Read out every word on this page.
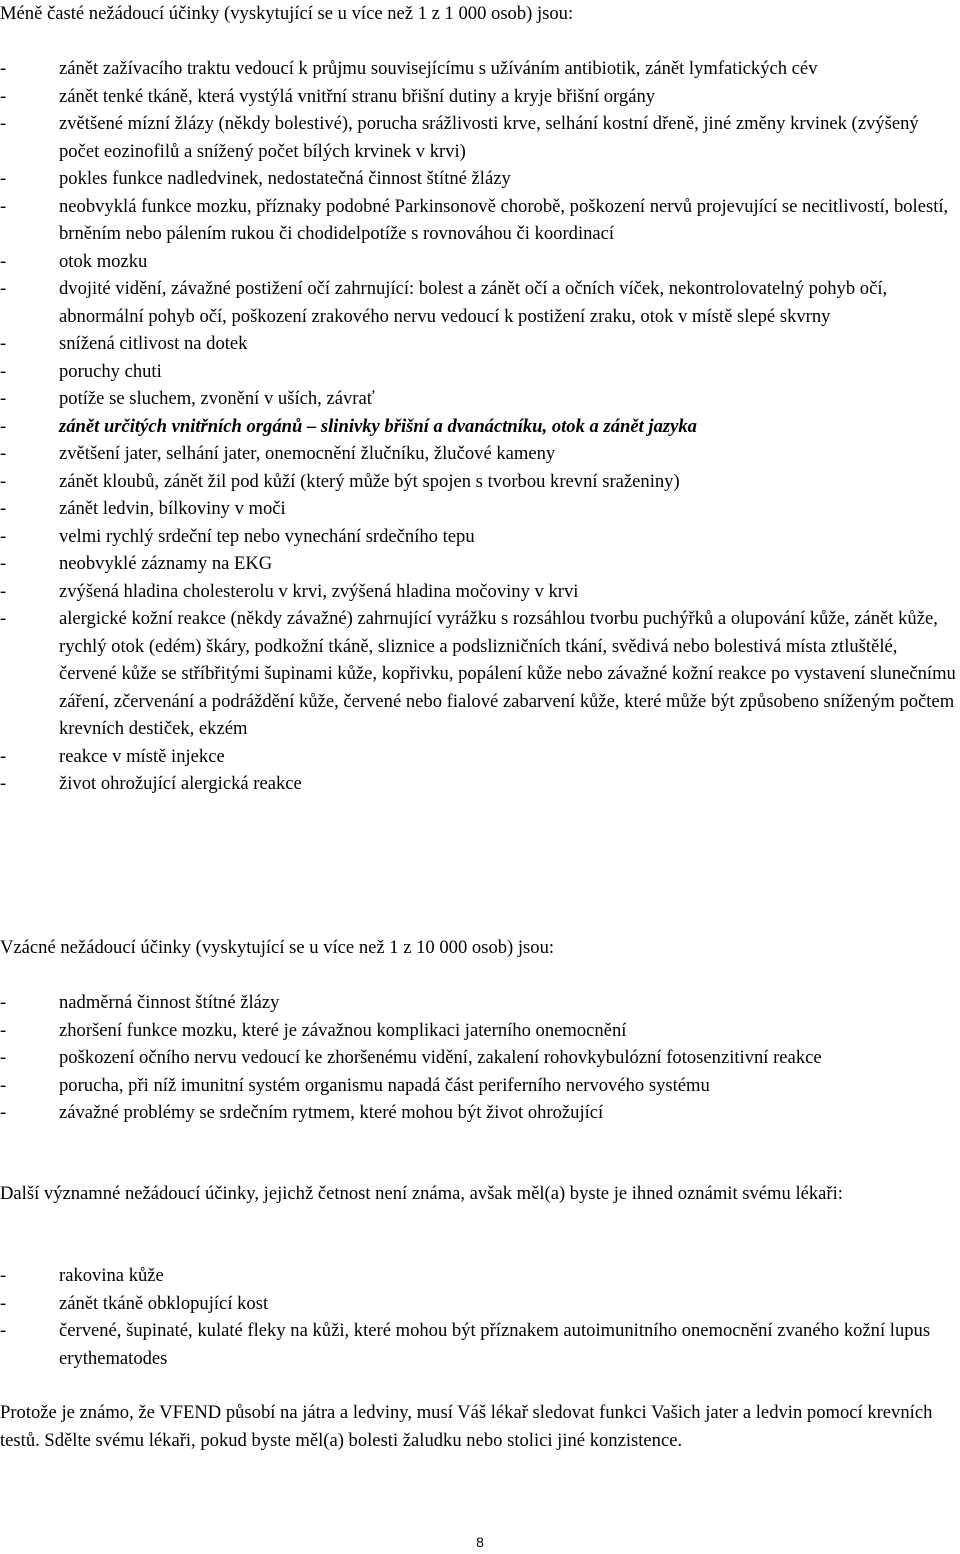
Méně časté nežádoucí účinky (vyskytující se u více než 1 z 1 000 osob) jsou:

-	zánět zažívacího traktu vedoucí k průjmu souvisejícímu s užíváním antibiotik, zánět lymfatických cév
-	zánět tenké tkáně, která vystýlá vnitřní stranu břišní dutiny a kryje břišní orgány
-	zvětšené mízní žlázy (někdy bolestivé), porucha srážlivosti krve, selhání kostní dřeně, jiné změny krvinek (zvýšený počet eozinofilů a snížený počet bílých krvinek v krvi)
-	pokles funkce nadledvinek, nedostatečná činnost štítné žlázy
-	neobvyklá funkce mozku, příznaky podobné Parkinsonově chorobě, poškození nervů projevující se necitlivostí, bolestí, brněním nebo pálením rukou či chodidelpotíže s rovnováhou či koordinací
-	otok mozku
-	dvojité vidění, závažné postižení očí zahrnující: bolest a zánět očí a očních víček, nekontrolovatelný pohyb očí, abnormální pohyb očí, poškození zrakového nervu vedoucí k postižení zraku, otok v místě slepé skvrny
-	snížená citlivost na dotek
-	poruchy chuti
-	potíže se sluchem, zvonění v uších, závrať
-	zánět určitých vnitřních orgánů – slinivky břišní a dvanáctníku, otok a zánět jazyka
-	zvětšení jater, selhání jater, onemocnění žlučníku, žlučové kameny
-	zánět kloubů, zánět žil pod kůží (který může být spojen s tvorbou krevní sraženiny)
-	zánět ledvin, bílkoviny v moči
-	velmi rychlý srdeční tep nebo vynechání srdečního tepu
-	neobvyklé záznamy na EKG
-	zvýšená hladina cholesterolu v krvi, zvýšená hladina močoviny v krvi
-	alergické kožní reakce (někdy závažné) zahrnující vyrážku s rozsáhlou tvorbu puchýřků a olupování kůže, zánět kůže, rychlý otok (edém) škáry, podkožní tkáně, sliznice a podslizničních tkání, svědivá nebo bolestivá místa ztluštělé, červené kůže se stříbřitými šupinami kůže, kopřivku, popálení kůže nebo závažné kožní reakce po vystavení slunečnímu záření, zčervenání a podráždění kůže, červené nebo fialové zabarvení kůže, které může být způsobeno sníženým počtem krevních destiček, ekzém
-	reakce v místě injekce
-	život ohrožující alergická reakce

Vzácné nežádoucí účinky (vyskytující se u více než 1 z 10 000 osob) jsou:

-	nadměrná činnost štítné žlázy
-	zhoršení funkce mozku, které je závažnou komplikaci jaterního onemocnění
-	poškození očního nervu vedoucí ke zhoršenému vidění, zakalení rohovkybulózní fotosenzitivní reakce
-	porucha, při níž imunitní systém organismu napadá část periferního nervového systému
-	závažné problémy se srdečním rytmem, které mohou být život ohrožující

Další významné nežádoucí účinky, jejichž četnost není známa, avšak měl(a) byste je ihned oznámit svému lékaři:

-	rakovina kůže
-	zánět tkáně obklopující kost
-	červené, šupinaté, kulaté fleky na kůži, které mohou být příznakem autoimunitního onemocnění zvaného kožní lupus erythematodes

Protože je známo, že VFEND působí na játra a ledviny, musí Váš lékař sledovat funkci Vašich jater a ledvin pomocí krevních testů. Sdělte svému lékaři, pokud byste měl(a) bolesti žaludku nebo stolici jiné konzistence.

8
